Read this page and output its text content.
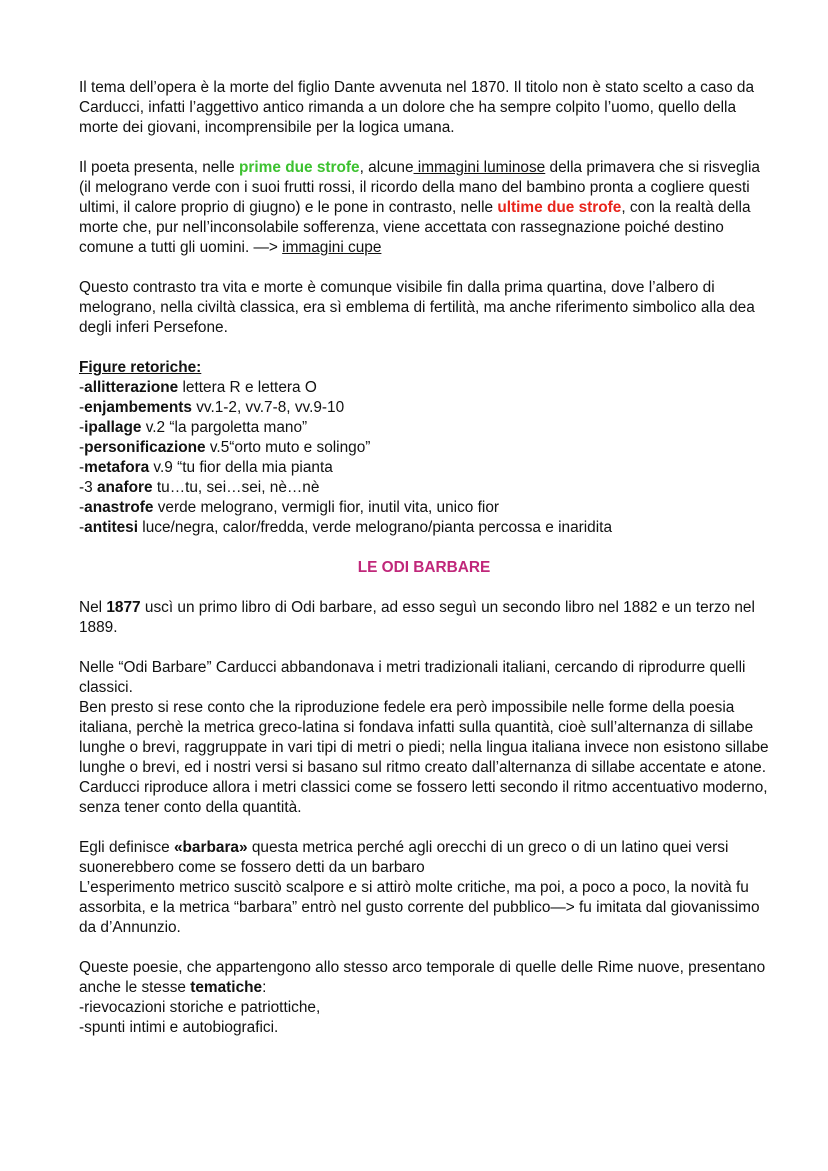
Il tema dell’opera è la morte del figlio Dante avvenuta nel 1870. Il titolo non è stato scelto a caso da Carducci, infatti l’aggettivo antico rimanda a un dolore che ha sempre colpito l’uomo, quello della morte dei giovani, incomprensibile per la logica umana.

Il poeta presenta, nelle prime due strofe, alcune immagini luminose della primavera che si risveglia (il melograno verde con i suoi frutti rossi, il ricordo della mano del bambino pronta a cogliere questi ultimi, il calore proprio di giugno) e le pone in contrasto, nelle ultime due strofe, con la realtà della morte che, pur nell’inconsolabile sofferenza, viene accettata con rassegnazione poiché destino comune a tutti gli uomini. —> immagini cupe

Questo contrasto tra vita e morte è comunque visibile fin dalla prima quartina, dove l’albero di melograno, nella civiltà classica, era sì emblema di fertilità, ma anche riferimento simbolico alla dea degli inferi Persefone.

Figure retoriche:

-allitterazione lettera R e lettera O

-enjambements vv.1-2, vv.7-8, vv.9-10

-ipallage v.2 “la pargoletta mano”

-personificazione v.5“orto muto e solingo”

-metafora v.9 “tu fior della mia pianta

-3 anafore tu…tu, sei…sei, nè…nè

-anastrofe verde melograno, vermigli fior, inutil vita, unico fior

-antitesi luce/negra, calor/fredda, verde melograno/pianta percossa e inaridita

LE ODI BARBARE

Nel 1877 uscì un primo libro di Odi barbare, ad esso seguì un secondo libro nel 1882 e un terzo nel 1889.

Nelle “Odi Barbare” Carducci abbandonava i metri tradizionali italiani, cercando di riprodurre quelli classici.

Ben presto si rese conto che la riproduzione fedele era però impossibile nelle forme della poesia italiana, perchè la metrica greco-latina si fondava infatti sulla quantità, cioè sull’alternanza di sillabe lunghe o brevi, raggruppate in vari tipi di metri o piedi; nella lingua italiana invece non esistono sillabe lunghe o brevi, ed i nostri versi si basano sul ritmo creato dall’alternanza di sillabe accentate e atone.

Carducci riproduce allora i metri classici come se fossero letti secondo il ritmo accentuativo moderno, senza tener conto della quantità.

Egli definisce «barbara» questa metrica perché agli orecchi di un greco o di un latino quei versi suonerebbero come se fossero detti da un barbaro

L’esperimento metrico suscitò scalpore e si attirò molte critiche, ma poi, a poco a poco, la novità fu assorbita, e la metrica “barbara” entrò nel gusto corrente del pubblico—> fu imitata dal giovanissimo da d’Annunzio.

Queste poesie, che appartengono allo stesso arco temporale di quelle delle Rime nuove, presentano anche le stesse tematiche:

-rievocazioni storiche e patriottiche,

-spunti intimi e autobiografici.
